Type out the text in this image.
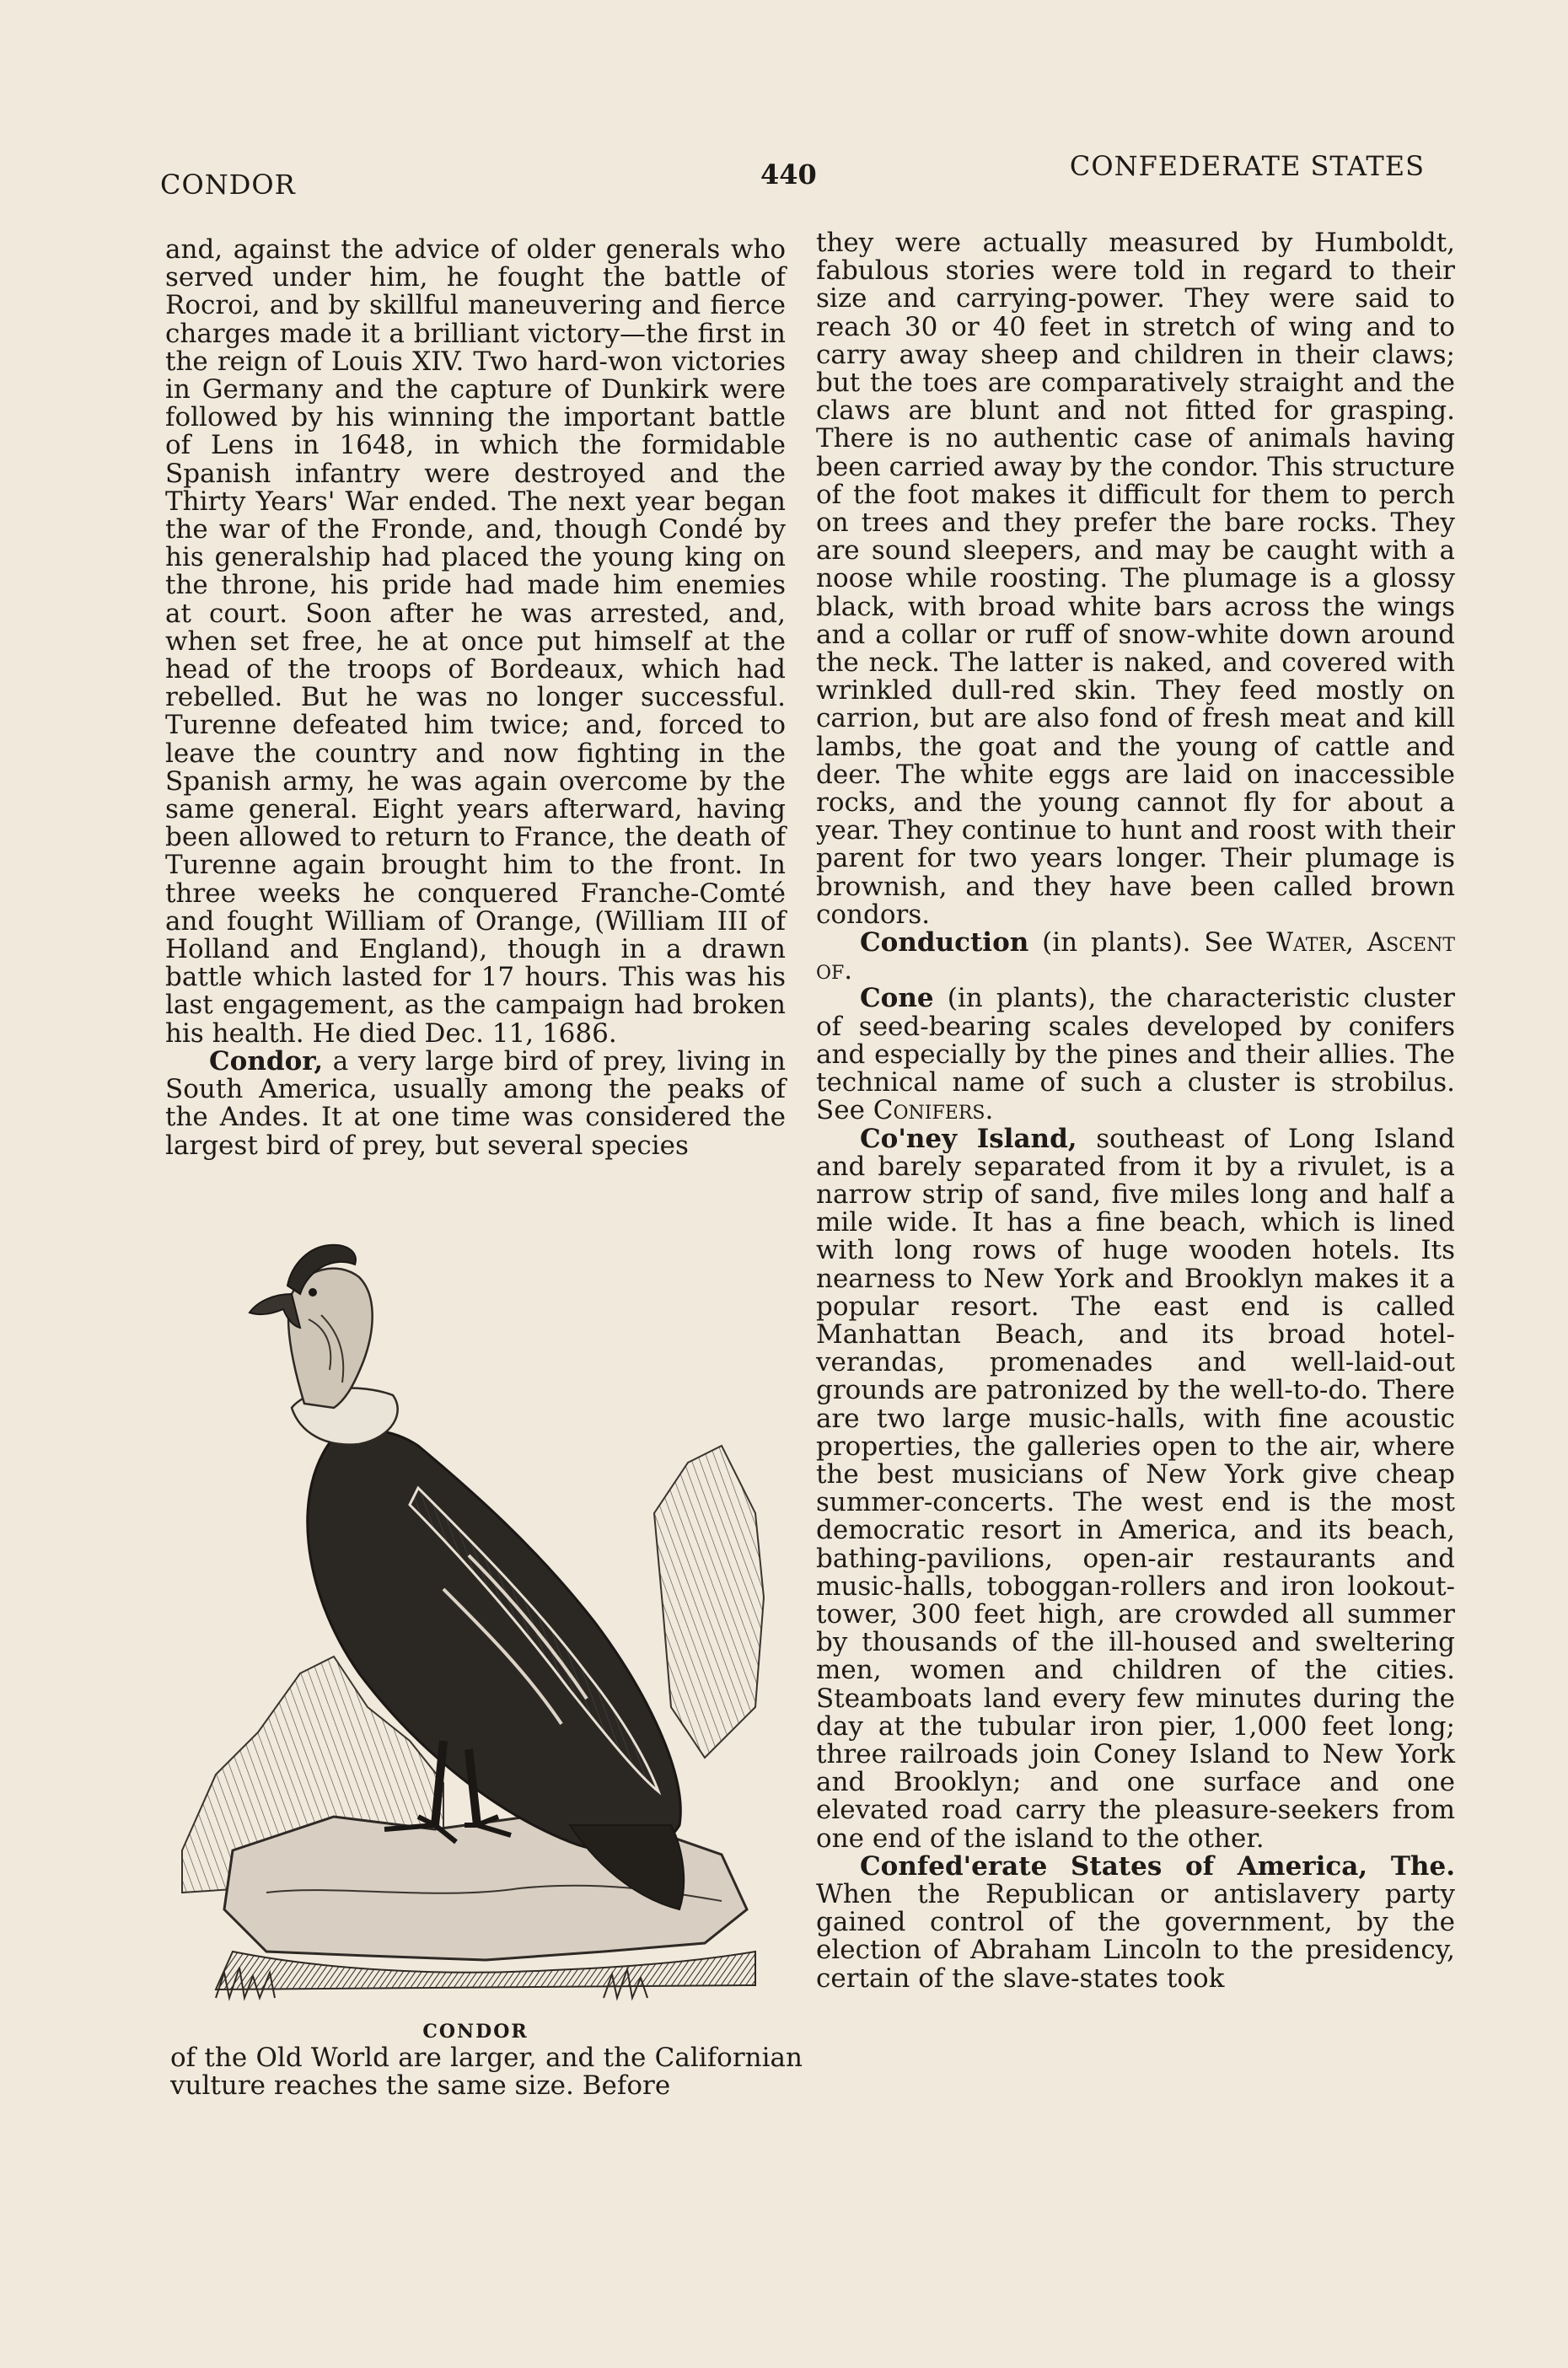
CONDOR	440	CONFEDERATE STATES

and, against the advice of older generals who served under him, he fought the battle of Rocroi, and by skillful maneuvering and fierce charges made it a brilliant victory—the first in the reign of Louis XIV. Two hard-won victories in Germany and the capture of Dunkirk were followed by his winning the important battle of Lens in 1648, in which the formidable Spanish infantry were destroyed and the Thirty Years' War ended. The next year began the war of the Fronde, and, though Condé by his generalship had placed the young king on the throne, his pride had made him enemies at court. Soon after he was arrested, and, when set free, he at once put himself at the head of the troops of Bordeaux, which had rebelled. But he was no longer successful. Turenne defeated him twice; and, forced to leave the country and now fighting in the Spanish army, he was again overcome by the same general. Eight years afterward, having been allowed to return to France, the death of Turenne again brought him to the front. In three weeks he conquered Franche-Comté and fought William of Orange, (William III of Holland and England), though in a drawn battle which lasted for 17 hours. This was his last engagement, as the campaign had broken his health. He died Dec. 11, 1686.

Condor, a very large bird of prey, living in South America, usually among the peaks of the Andes. It at one time was considered the largest bird of prey, but several species

CONDOR
of the Old World are larger, and the Californian vulture reaches the same size. Before

they were actually measured by Humboldt, fabulous stories were told in regard to their size and carrying-power. They were said to reach 30 or 40 feet in stretch of wing and to carry away sheep and children in their claws; but the toes are comparatively straight and the claws are blunt and not fitted for grasping. There is no authentic case of animals having been carried away by the condor. This structure of the foot makes it difficult for them to perch on trees and they prefer the bare rocks. They are sound sleepers, and may be caught with a noose while roosting. The plumage is a glossy black, with broad white bars across the wings and a collar or ruff of snow-white down around the neck. The latter is naked, and covered with wrinkled dull-red skin. They feed mostly on carrion, but are also fond of fresh meat and kill lambs, the goat and the young of cattle and deer. The white eggs are laid on inaccessible rocks, and the young cannot fly for about a year. They continue to hunt and roost with their parent for two years longer. Their plumage is brownish, and they have been called brown condors.

Conduction (in plants). See Water, Ascent of.

Cone (in plants), the characteristic cluster of seed-bearing scales developed by conifers and especially by the pines and their allies. The technical name of such a cluster is strobilus. See Conifers.

Co'ney Island, southeast of Long Island and barely separated from it by a rivulet, is a narrow strip of sand, five miles long and half a mile wide. It has a fine beach, which is lined with long rows of huge wooden hotels. Its nearness to New York and Brooklyn makes it a popular resort. The east end is called Manhattan Beach, and its broad hotel-verandas, promenades and well-laid-out grounds are patronized by the well-to-do. There are two large music-halls, with fine acoustic properties, the galleries open to the air, where the best musicians of New York give cheap summer-concerts. The west end is the most democratic resort in America, and its beach, bathing-pavilions, open-air restaurants and music-halls, toboggan-rollers and iron lookout-tower, 300 feet high, are crowded all summer by thousands of the ill-housed and sweltering men, women and children of the cities. Steamboats land every few minutes during the day at the tubular iron pier, 1,000 feet long; three railroads join Coney Island to New York and Brooklyn; and one surface and one elevated road carry the pleasure-seekers from one end of the island to the other.

Confed'erate States of America, The. When the Republican or antislavery party gained control of the government, by the election of Abraham Lincoln to the presidency, certain of the slave-states took
